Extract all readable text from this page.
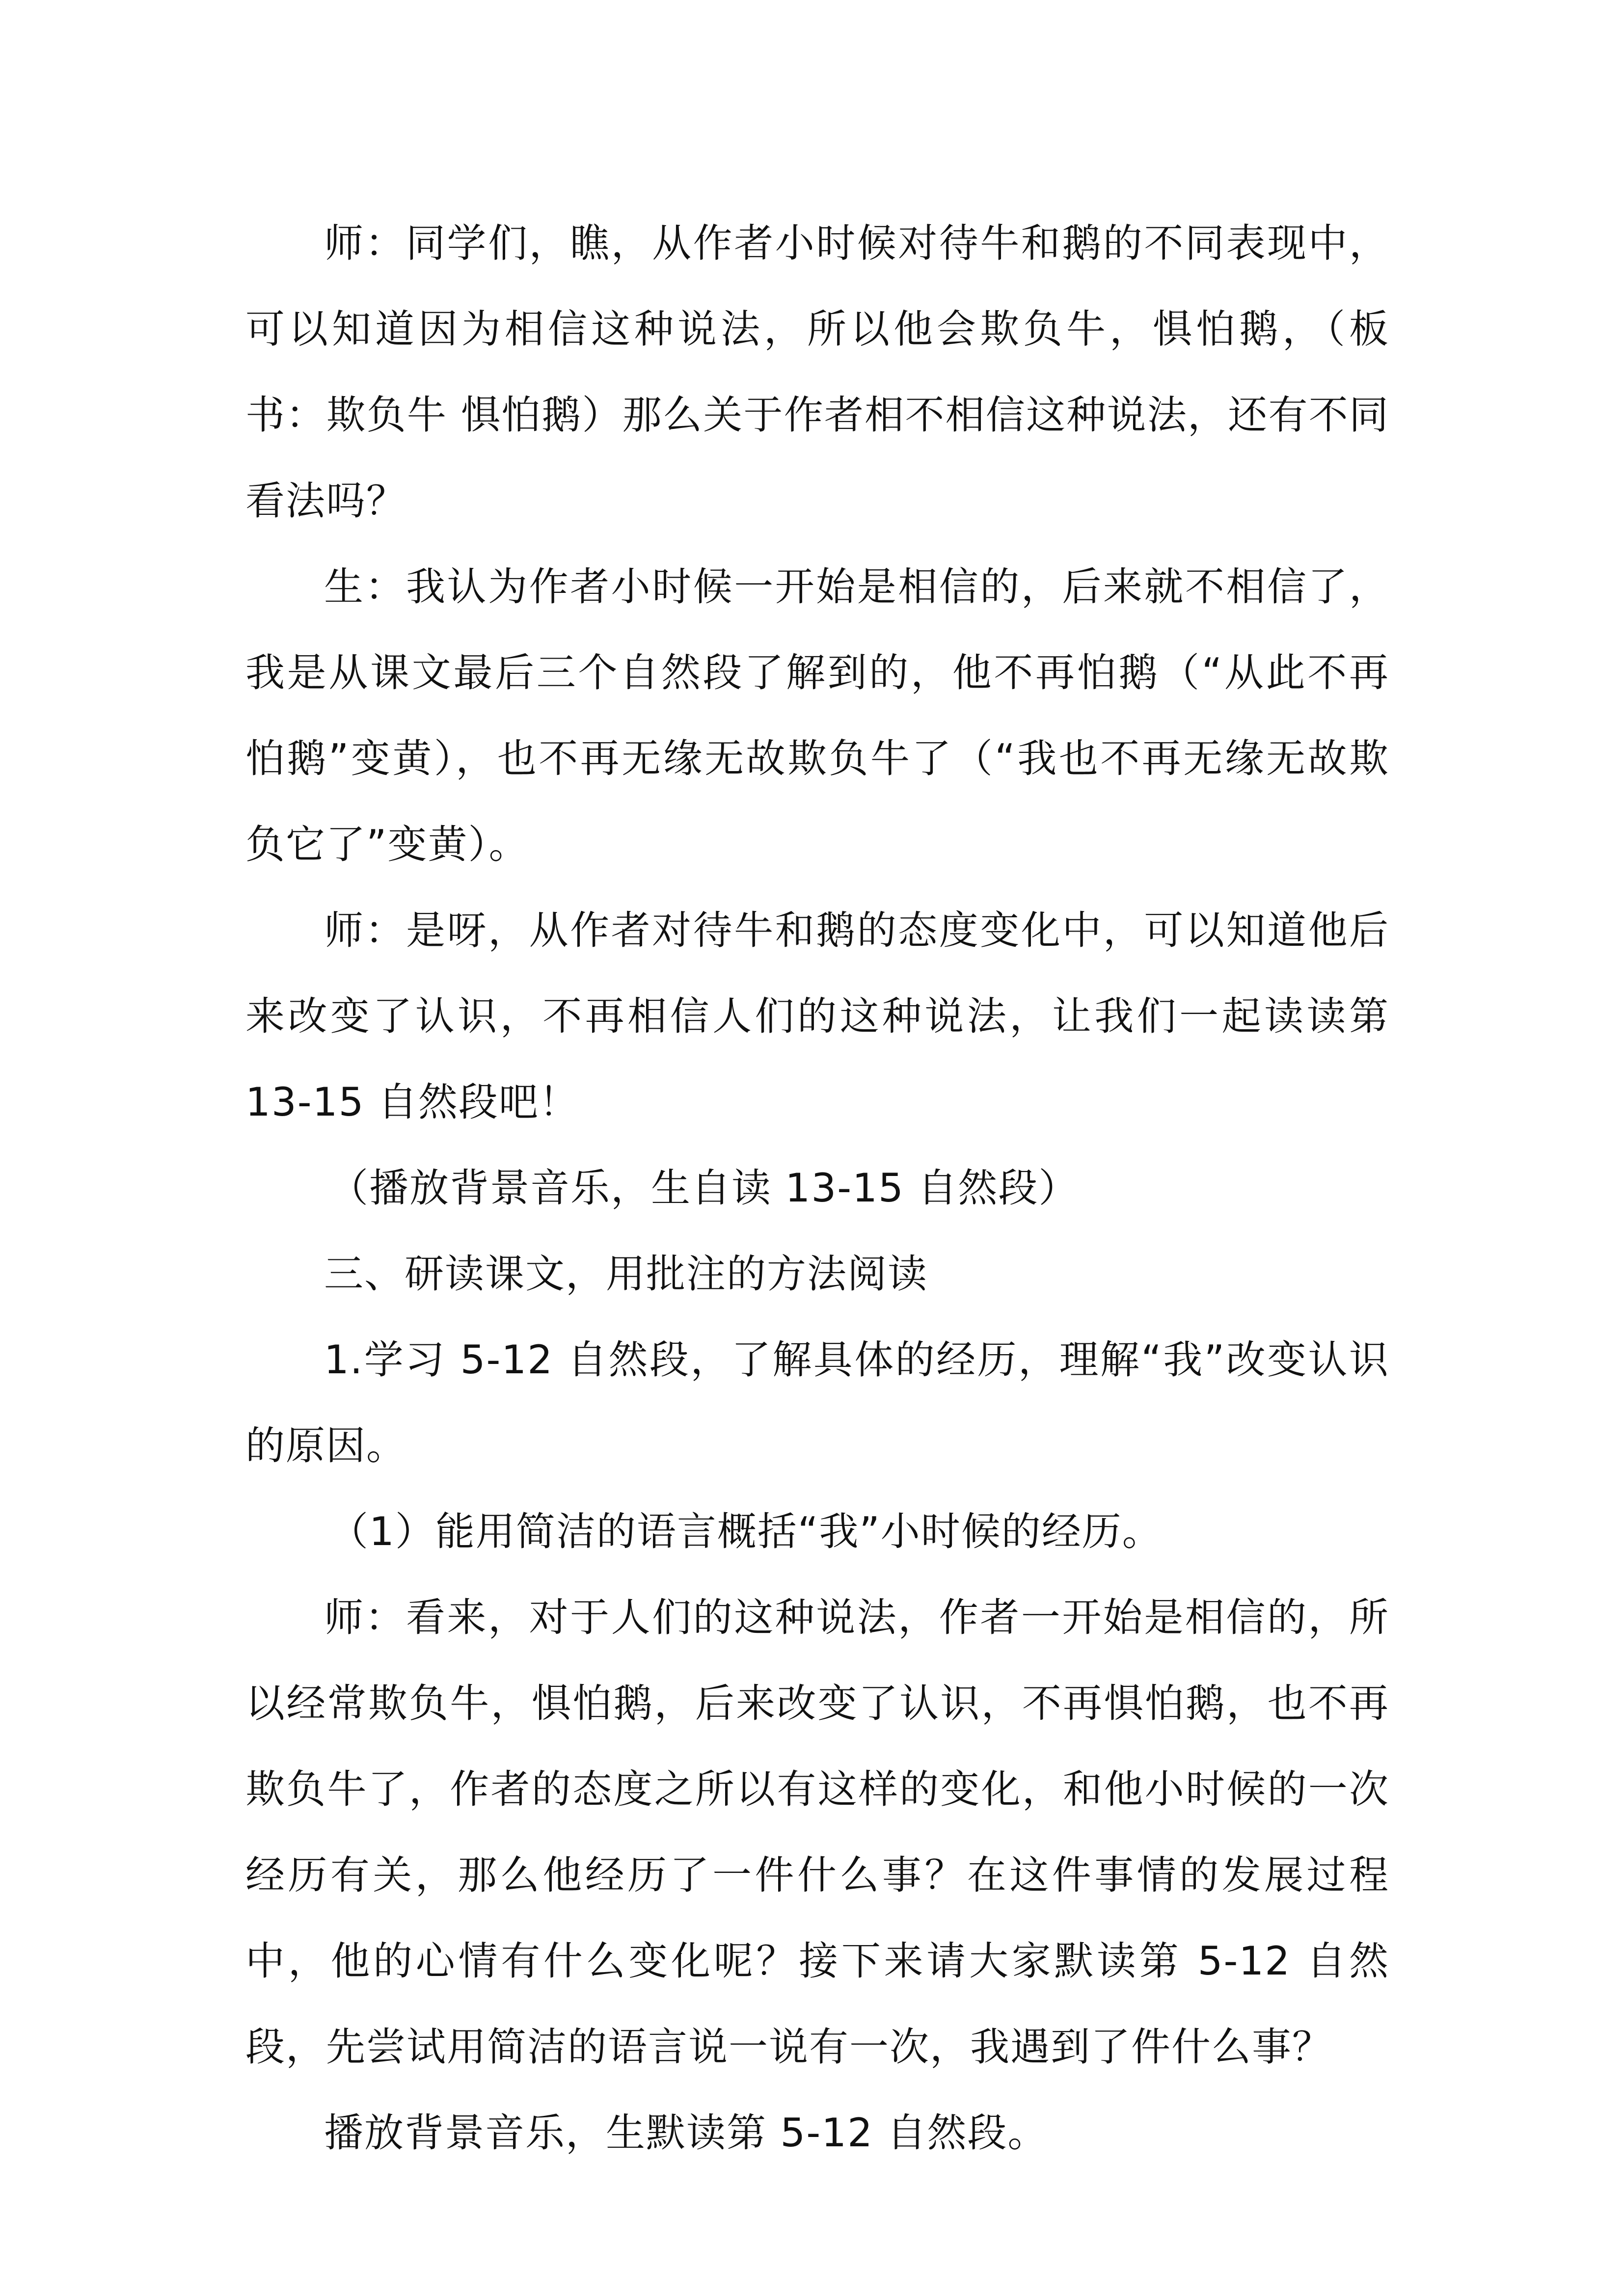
师：同学们，瞧，从作者小时候对待牛和鹅的不同表现中，可以知道因为相信这种说法，所以他会欺负牛，惧怕鹅，（板书：欺负牛 惧怕鹅）那么关于作者相不相信这种说法，还有不同看法吗？

生：我认为作者小时候一开始是相信的，后来就不相信了，我是从课文最后三个自然段了解到的，他不再怕鹅（“从此不再怕鹅”变黄），也不再无缘无故欺负牛了（“我也不再无缘无故欺负它了”变黄）。

师：是呀，从作者对待牛和鹅的态度变化中，可以知道他后来改变了认识，不再相信人们的这种说法，让我们一起读读第 13-15 自然段吧！

（播放背景音乐，生自读 13-15 自然段）

三、研读课文，用批注的方法阅读

1.学习 5-12 自然段，了解具体的经历，理解“我”改变认识的原因。

（1）能用简洁的语言概括“我”小时候的经历。

师：看来，对于人们的这种说法，作者一开始是相信的，所以经常欺负牛，惧怕鹅，后来改变了认识，不再惧怕鹅，也不再欺负牛了，作者的态度之所以有这样的变化，和他小时候的一次经历有关，那么他经历了一件什么事？在这件事情的发展过程中，他的心情有什么变化呢？接下来请大家默读第 5-12 自然段，先尝试用简洁的语言说一说有一次，我遇到了件什么事？

播放背景音乐，生默读第 5-12 自然段。
